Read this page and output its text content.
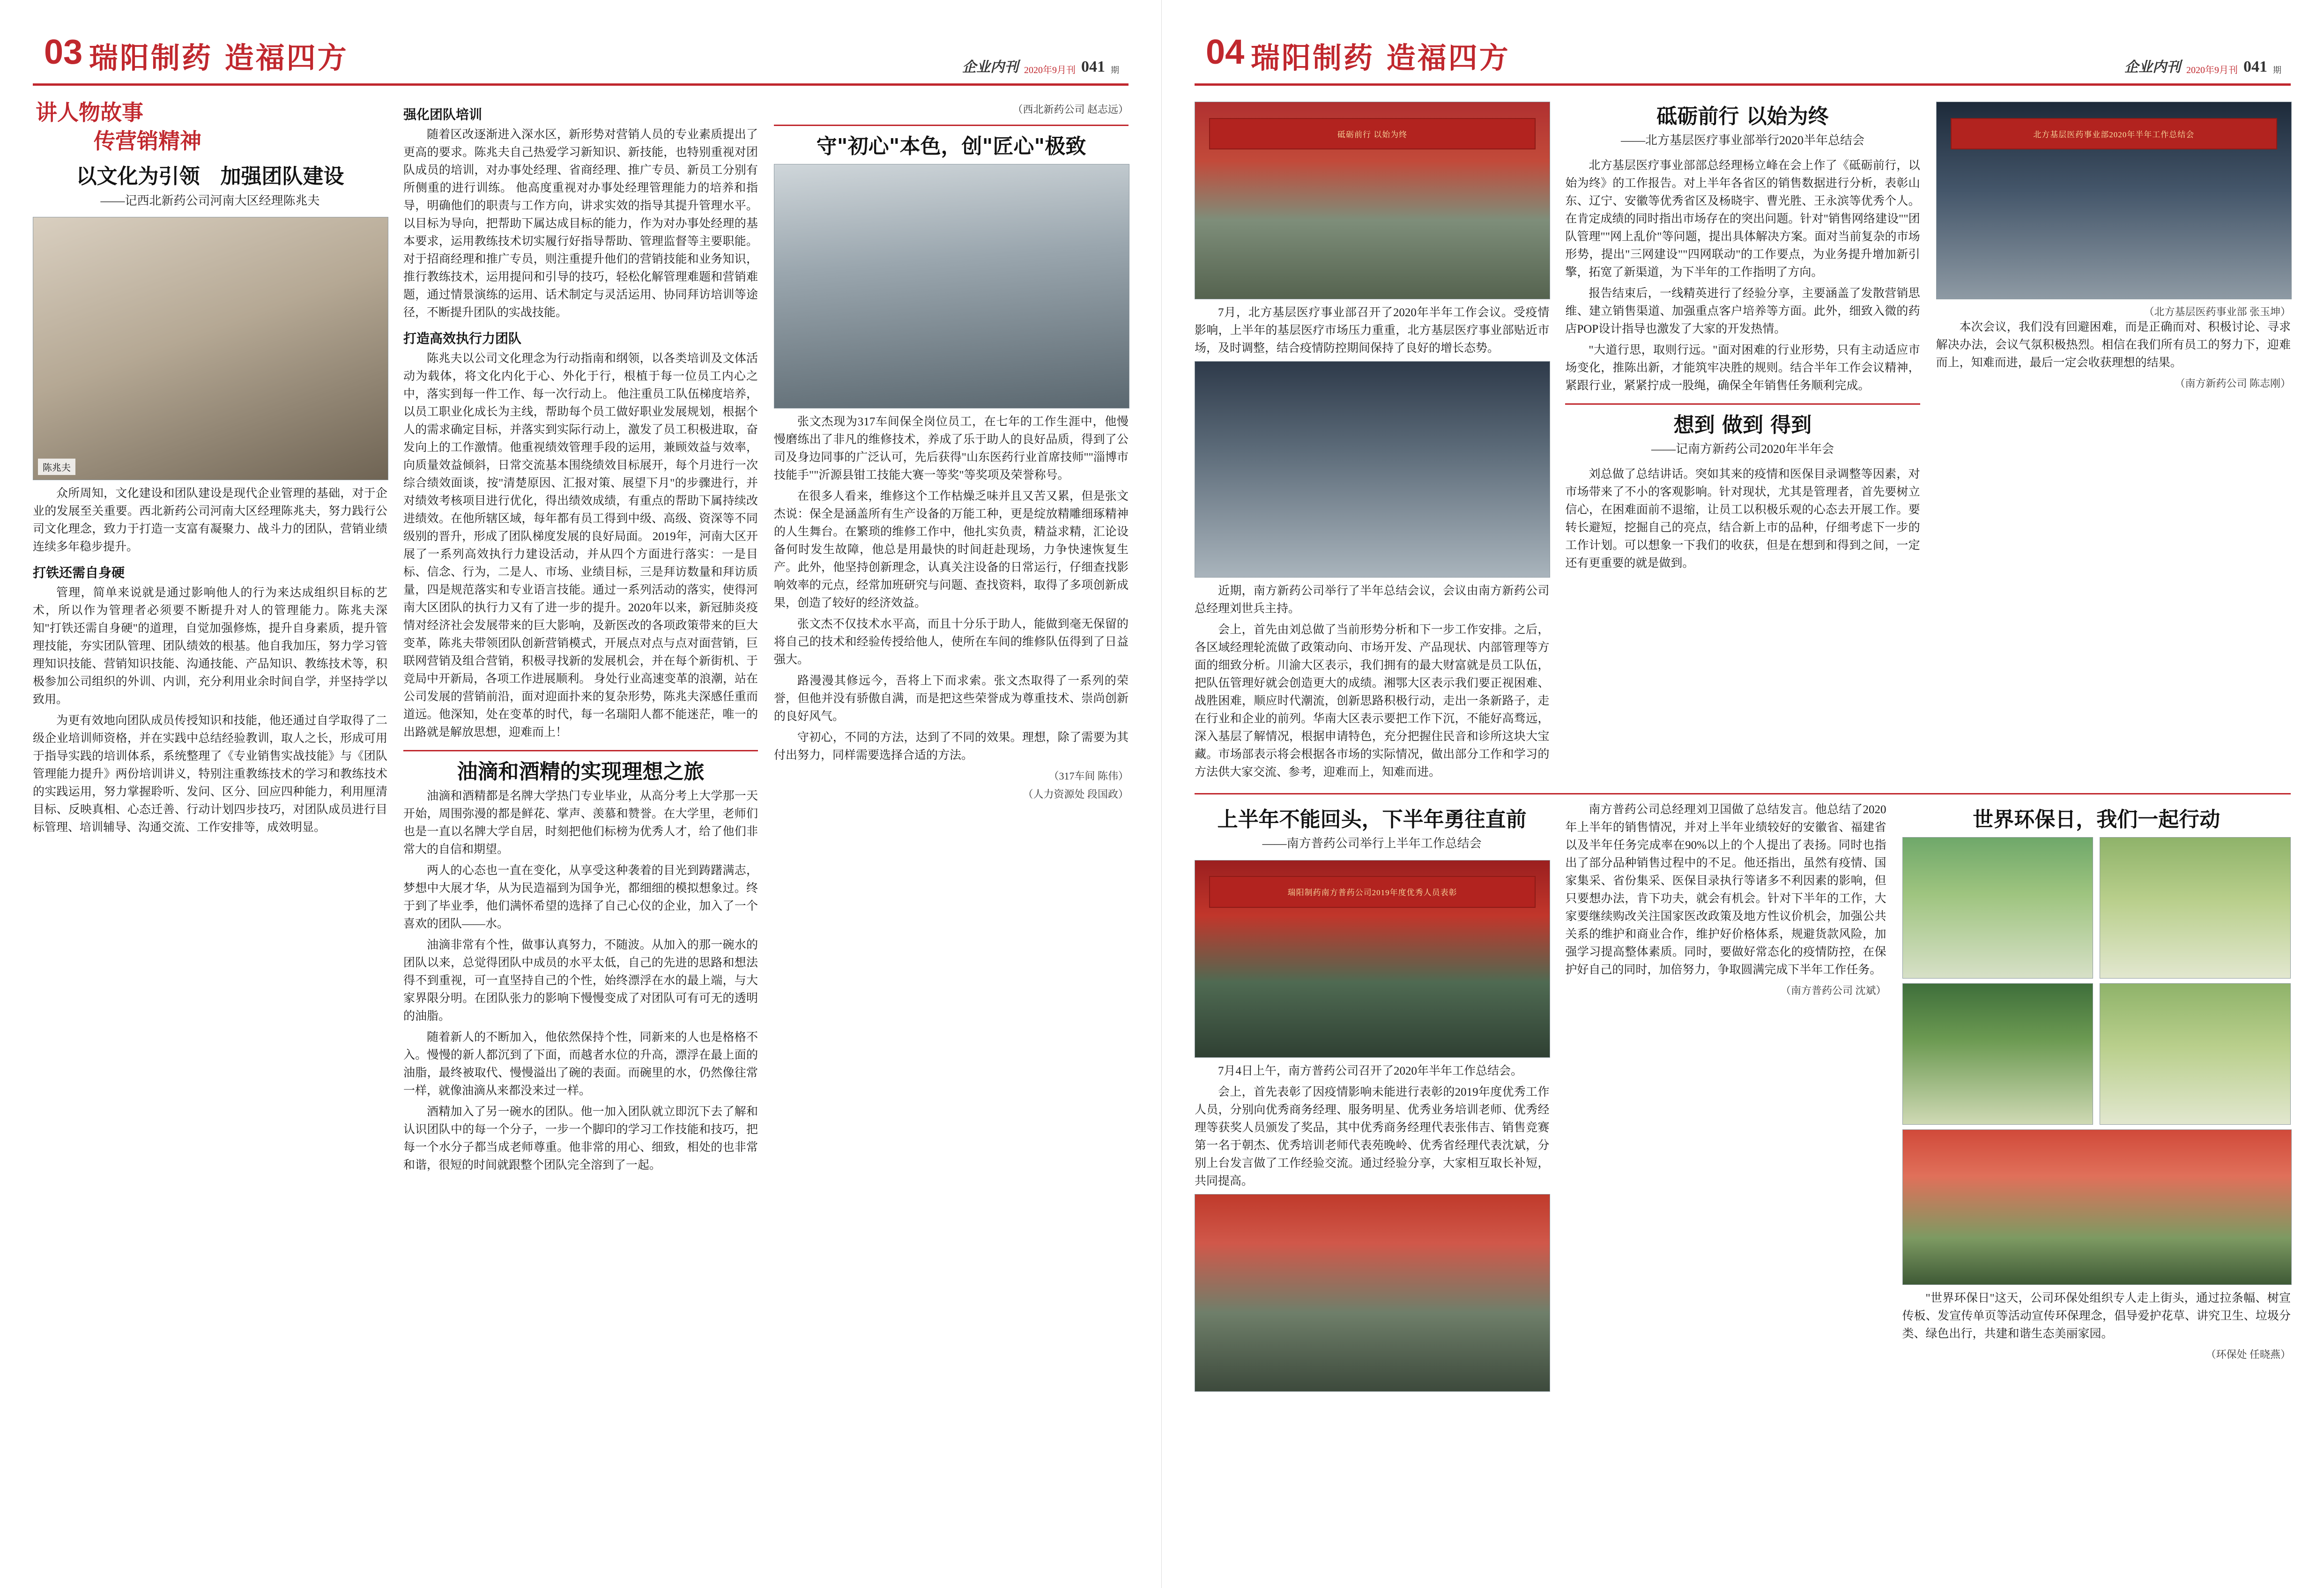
03 瑞阳制药 造福四方	企业内刊 2020年9月刊 041 期
讲人物故事
传营销精神
以文化为引领　加强团队建设
——记西北新药公司河南大区经理陈兆夫
陈兆夫

众所周知，文化建设和团队建设是现代企业管理的基础，对于企业的发展至关重要。西北新药公司河南大区经理陈兆夫，努力践行公司文化理念，致力于打造一支富有凝聚力、战斗力的团队，营销业绩连续多年稳步提升。

打铁还需自身硬

管理，简单来说就是通过影响他人的行为来达成组织目标的艺术，所以作为管理者必须要不断提升对人的管理能力。陈兆夫深知"打铁还需自身硬"的道理，自觉加强修炼，提升自身素质，提升管理技能，夯实团队管理、团队绩效的根基。他自我加压，努力学习管理知识技能、营销知识技能、沟通技能、产品知识、教练技术等，积极参加公司组织的外训、内训，充分利用业余时间自学，并坚持学以致用。

为更有效地向团队成员传授知识和技能，他还通过自学取得了二级企业培训师资格，并在实践中总结经验教训，取人之长，形成可用于指导实践的培训体系，系统整理了《专业销售实战技能》与《团队管理能力提升》两份培训讲义，特别注重教练技术的学习和教练技术的实践运用，努力掌握聆听、发问、区分、回应四种能力，利用厘清目标、反映真相、心态迁善、行动计划四步技巧，对团队成员进行目标管理、培训辅导、沟通交流、工作安排等，成效明显。

强化团队培训

随着区改逐渐进入深水区，新形势对营销人员的专业素质提出了更高的要求。陈兆夫自己热爱学习新知识、新技能，也特别重视对团队成员的培训，对办事处经理、省商经理、推广专员、新员工分别有所侧重的进行训练。 他高度重视对办事处经理管理能力的培养和指导，明确他们的职责与工作方向，讲求实效的指导其提升管理水平。以目标为导向，把帮助下属达成目标的能力，作为对办事处经理的基本要求，运用教练技术切实履行好指导帮助、管理监督等主要职能。对于招商经理和推广专员，则注重提升他们的营销技能和业务知识，推行教练技术，运用提问和引导的技巧，轻松化解管理难题和营销难题，通过情景演练的运用、话术制定与灵活运用、协同拜访培训等途径，不断提升团队的实战技能。

打造高效执行力团队

陈兆夫以公司文化理念为行动指南和纲领，以各类培训及文体活动为载体，将文化内化于心、外化于行，根植于每一位员工内心之中，落实到每一件工作、每一次行动上。 他注重员工队伍梯度培养，以员工职业化成长为主线，帮助每个员工做好职业发展规划，根据个人的需求确定目标，并落实到实际行动上，激发了员工积极进取，奋发向上的工作激情。他重视绩效管理手段的运用，兼顾效益与效率，向质量效益倾斜，日常交流基本围绕绩效目标展开，每个月进行一次综合绩效面谈，按"清楚原因、汇报对策、展望下月"的步骤进行，并对绩效考核项目进行优化，得出绩效成绩，有重点的帮助下属持续改进绩效。在他所辖区域，每年都有员工得到中级、高级、资深等不同级别的晋升，形成了团队梯度发展的良好局面。 2019年，河南大区开展了一系列高效执行力建设活动，并从四个方面进行落实：一是目标、信念、行为，二是人、市场、业绩目标，三是拜访数量和拜访质量，四是规范落实和专业语言技能。通过一系列活动的落实，使得河南大区团队的执行力又有了进一步的提升。2020年以来，新冠肺炎疫情对经济社会发展带来的巨大影响，及新医改的各项政策带来的巨大变革，陈兆夫带领团队创新营销模式，开展点对点与点对面营销，巨联网营销及组合营销，积极寻找新的发展机会，并在每个新街机、于竞局中开新局，各项工作进展顺利。 身处行业高速变革的浪潮，站在公司发展的营销前沿，面对迎面扑来的复杂形势，陈兆夫深感任重而道远。他深知，处在变革的时代，每一名瑞阳人都不能迷茫，唯一的出路就是解放思想，迎难而上！

油滴和酒精的实现理想之旅

油滴和酒精都是名牌大学热门专业毕业，从高分考上大学那一天开始，周围弥漫的都是鲜花、掌声、羡慕和赞誉。在大学里，老师们也是一直以名牌大学自居，时刻把他们标榜为优秀人才，给了他们非常大的自信和期望。

两人的心态也一直在变化，从享受这种袭着的目光到踌躇满志，梦想中大展才华，从为民造福到为国争光，都细细的模拟想象过。终于到了毕业季，他们满怀希望的选择了自己心仪的企业，加入了一个喜欢的团队——水。

油滴非常有个性，做事认真努力，不随波。从加入的那一碗水的团队以来，总觉得团队中成员的水平太低，自己的先进的思路和想法得不到重视，可一直坚持自己的个性，始终漂浮在水的最上端，与大家界限分明。在团队张力的影响下慢慢变成了对团队可有可无的透明的油脂。

随着新人的不断加入，他依然保持个性，同新来的人也是格格不入。慢慢的新人都沉到了下面，而越者水位的升高，漂浮在最上面的油脂，最终被取代、慢慢溢出了碗的表面。而碗里的水，仍然像往常一样，就像油滴从来都没来过一样。

酒精加入了另一碗水的团队。他一加入团队就立即沉下去了解和认识团队中的每一个分子，一步一个脚印的学习工作技能和技巧，把每一个水分子都当成老师尊重。他非常的用心、细致，相处的也非常和谐，很短的时间就跟整个团队完全溶到了一起。

（西北新药公司 赵志远）
守"初心"本色，创"匠心"极致

张文杰现为317车间保全岗位员工，在七年的工作生涯中，他慢慢磨练出了非凡的维修技术，养成了乐于助人的良好品质，得到了公司及身边同事的广泛认可，先后获得"山东医药行业首席技师""淄博市技能手""沂源县钳工技能大赛一等奖"等奖项及荣誉称号。

在很多人看来，维修这个工作枯燥乏味并且又苦又累，但是张文杰说：保全是涵盖所有生产设备的万能工种，更是绽放精雕细琢精神的人生舞台。在繁琐的维修工作中，他扎实负责，精益求精，汇论设备何时发生故障，他总是用最快的时间赶赴现场，力争快速恢复生产。此外，他坚持创新理念，认真关注设备的日常运行，仔细查找影响效率的元点，经常加班研究与问题、查找资料，取得了多项创新成果，创造了较好的经济效益。

张文杰不仅技术水平高，而且十分乐于助人，能做到毫无保留的将自己的技术和经验传授给他人，使所在车间的维修队伍得到了日益强大。

路漫漫其修远今，吾将上下而求索。张文杰取得了一系列的荣誉，但他并没有骄傲自满，而是把这些荣誉成为尊重技术、崇尚创新的良好风气。

守初心，不同的方法，达到了不同的效果。理想，除了需要为其付出努力，同样需要选择合适的方法。

（317车间 陈伟）
（人力资源处 段国政）
04 瑞阳制药 造福四方	企业内刊 2020年9月刊 041 期
砥砺前行 以始为终

7月，北方基层医疗事业部召开了2020年半年工作会议。受疫情影响，上半年的基层医疗市场压力重重，北方基层医疗事业部贴近市场，及时调整，结合疫情防控期间保持了良好的增长态势。

近期，南方新药公司举行了半年总结会议，会议由南方新药公司总经理刘世兵主持。

会上，首先由刘总做了当前形势分析和下一步工作安排。之后，各区域经理轮流做了政策动向、市场开发、产品现状、内部管理等方面的细致分析。川渝大区表示，我们拥有的最大财富就是员工队伍，把队伍管理好就会创造更大的成绩。湘鄂大区表示我们要正视困难、战胜困难，顺应时代潮流，创新思路积极行动，走出一条新路子，走在行业和企业的前列。华南大区表示要把工作下沉，不能好高骛远，深入基层了解情况，根据申请特色，充分把握住民音和诊所这块大宝藏。市场部表示将会根据各市场的实际情况，做出部分工作和学习的方法供大家交流、参考，迎难而上，知难而进。

砥砺前行 以始为终
——北方基层医疗事业部举行2020半年总结会

北方基层医疗事业部部总经理杨立峰在会上作了《砥砺前行，以始为终》的工作报告。对上半年各省区的销售数据进行分析，表彰山东、辽宁、安徽等优秀省区及杨晓宇、曹光胜、王永滨等优秀个人。在肯定成绩的同时指出市场存在的突出问题。针对"销售网络建设""团队管理""网上乱价"等问题，提出具体解决方案。面对当前复杂的市场形势，提出"三网建设""四网联动"的工作要点，为业务提升增加新引擎，拓宽了新渠道，为下半年的工作指明了方向。

报告结束后，一线精英进行了经验分享，主要涵盖了发散营销思维、建立销售渠道、加强重点客户培养等方面。此外，细致入微的药店POP设计指导也激发了大家的开发热情。

"大道行思，取则行远。"面对困难的行业形势，只有主动适应市场变化，推陈出新，才能筑牢决胜的规则。结合半年工作会议精神，紧跟行业，紧紧拧成一股绳，确保全年销售任务顺利完成。

想到 做到 得到
——记南方新药公司2020年半年会

刘总做了总结讲话。突如其来的疫情和医保目录调整等因素，对市场带来了不小的客观影响。针对现状，尤其是管理者，首先要树立信心，在困难面前不退缩，让员工以积极乐观的心态去开展工作。要转长避短，挖掘自己的亮点，结合新上市的品种，仔细考虑下一步的工作计划。可以想象一下我们的收获，但是在想到和得到之间，一定还有更重要的就是做到。

北方基层医药事业部2020年半年工作总结会
（北方基层医药事业部 张玉坤）

本次会议，我们没有回避困难，而是正确而对、积极讨论、寻求解决办法，会议气氛积极热烈。相信在我们所有员工的努力下，迎难而上，知难而进，最后一定会收获理想的结果。

（南方新药公司 陈志刚）
上半年不能回头，下半年勇往直前
——南方普药公司举行上半年工作总结会
瑞阳制药南方普药公司2019年度优秀人员表彰

7月4日上午，南方普药公司召开了2020年半年工作总结会。

会上，首先表彰了因疫情影响未能进行表彰的2019年度优秀工作人员，分别向优秀商务经理、服务明星、优秀业务培训老师、优秀经理等获奖人员颁发了奖品，其中优秀商务经理代表张伟吉、销售竞赛第一名于朝杰、优秀培训老师代表苑晚岭、优秀省经理代表沈斌，分别上台发言做了工作经验交流。通过经验分享，大家相互取长补短，共同提高。

南方普药公司总经理刘卫国做了总结发言。他总结了2020年上半年的销售情况，并对上半年业绩较好的安徽省、福建省以及半年任务完成率在90%以上的个人提出了表扬。同时也指出了部分品种销售过程中的不足。他还指出，虽然有疫情、国家集采、省份集采、医保目录执行等诸多不利因素的影响，但只要想办法，肯下功夫，就会有机会。针对下半年的工作，大家要继续购改关注国家医改政策及地方性议价机会，加强公共关系的维护和商业合作，维护好价格体系，规避货款风险，加强学习提高整体素质。同时，要做好常态化的疫情防控，在保护好自己的同时，加倍努力，争取圆满完成下半年工作任务。

（南方普药公司 沈斌）
世界环保日，我们一起行动

"世界环保日"这天，公司环保处组织专人走上街头，通过拉条幅、树宣传板、发宣传单页等活动宣传环保理念，倡导爱护花草、讲究卫生、垃圾分类、绿色出行，共建和谐生态美丽家园。

（环保处 任晓燕）
